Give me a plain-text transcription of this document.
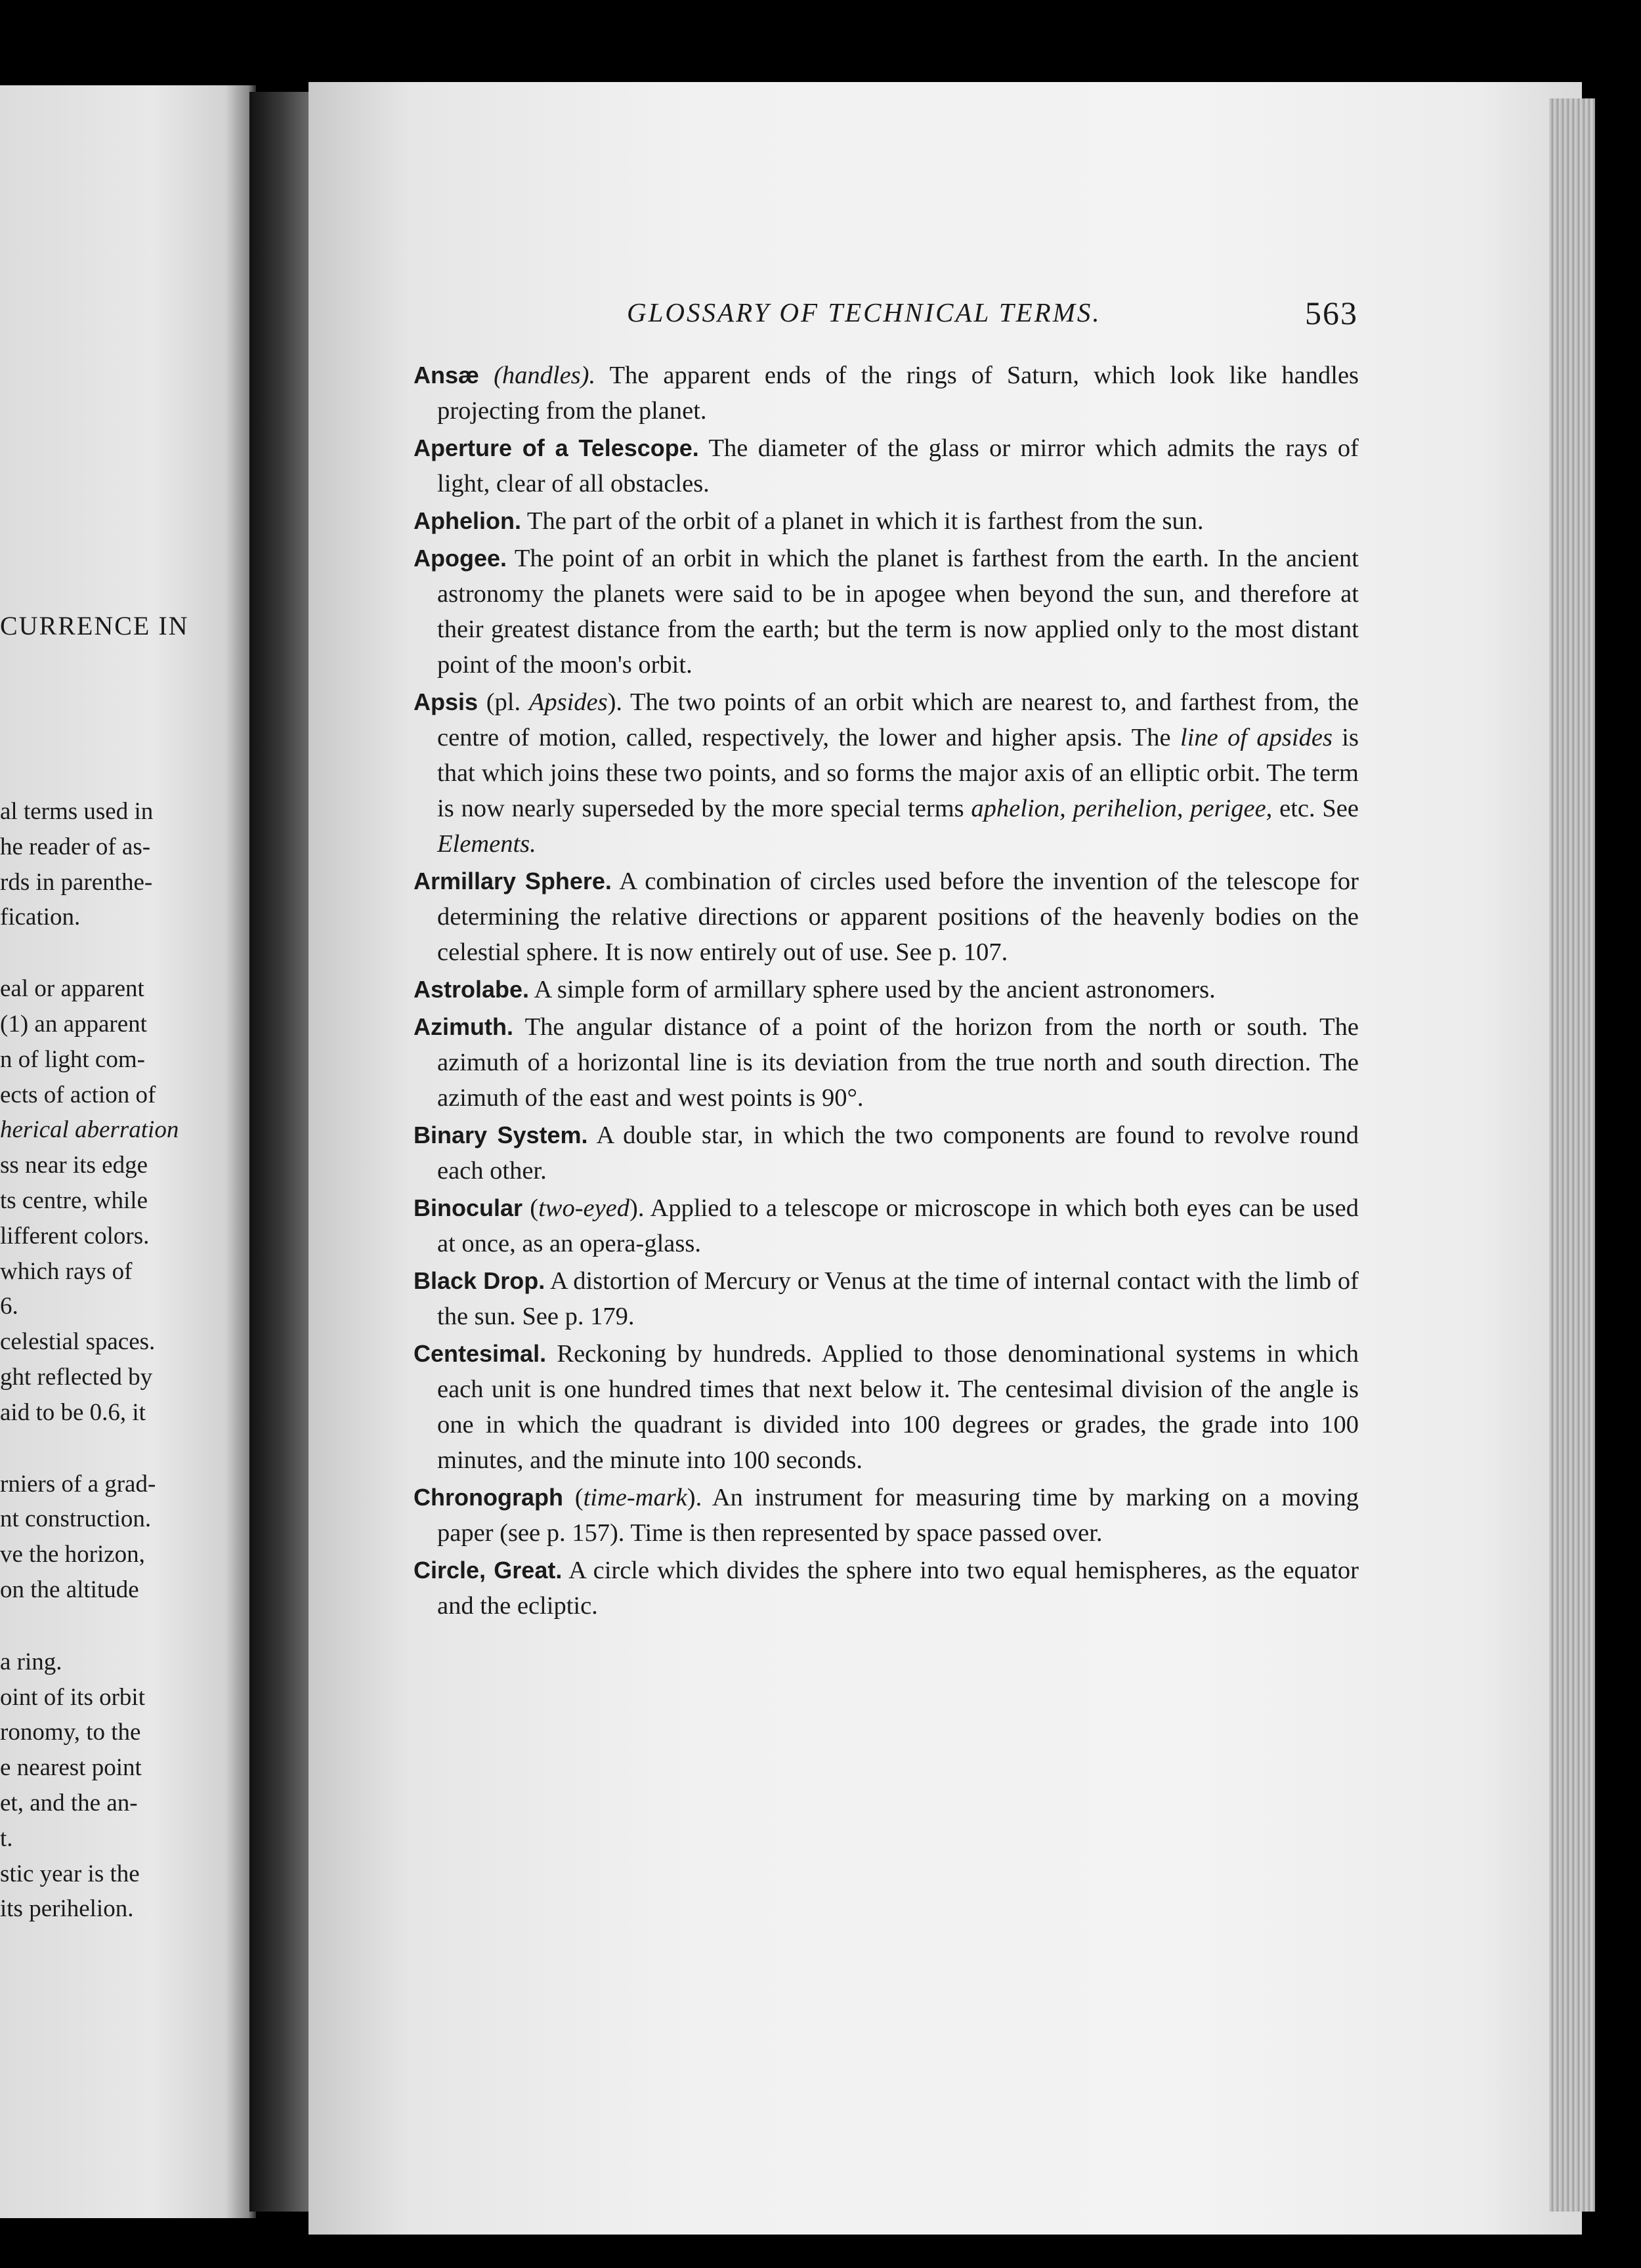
CURRENCE IN
al terms used in
he reader of as-
rds in parenthe-
fication.
eal or apparent
(1) an apparent
n of light com-
ects of action of
herical aberration
ss near its edge
ts centre, while
lifferent colors.
which rays of
6.
celestial spaces.
ght reflected by
aid to be 0.6, it
rniers of a grad-
nt construction.
ve the horizon,
on the altitude
a ring.
oint of its orbit
ronomy, to the
e nearest point
et, and the an-
t.
stic year is the
its perihelion.
GLOSSARY OF TECHNICAL TERMS.	563
Ansæ (handles). The apparent ends of the rings of Saturn, which look like handles projecting from the planet.
Aperture of a Telescope. The diameter of the glass or mirror which admits the rays of light, clear of all obstacles.
Aphelion. The part of the orbit of a planet in which it is farthest from the sun.
Apogee. The point of an orbit in which the planet is farthest from the earth. In the ancient astronomy the planets were said to be in apogee when beyond the sun, and therefore at their greatest distance from the earth; but the term is now applied only to the most distant point of the moon's orbit.
Apsis (pl. Apsides). The two points of an orbit which are nearest to, and farthest from, the centre of motion, called, respectively, the lower and higher apsis. The line of apsides is that which joins these two points, and so forms the major axis of an elliptic orbit. The term is now nearly superseded by the more special terms aphelion, perihelion, perigee, etc. See Elements.
Armillary Sphere. A combination of circles used before the invention of the telescope for determining the relative directions or apparent positions of the heavenly bodies on the celestial sphere. It is now entirely out of use. See p. 107.
Astrolabe. A simple form of armillary sphere used by the ancient astronomers.
Azimuth. The angular distance of a point of the horizon from the north or south. The azimuth of a horizontal line is its deviation from the true north and south direction. The azimuth of the east and west points is 90°.
Binary System. A double star, in which the two components are found to revolve round each other.
Binocular (two-eyed). Applied to a telescope or microscope in which both eyes can be used at once, as an opera-glass.
Black Drop. A distortion of Mercury or Venus at the time of internal contact with the limb of the sun. See p. 179.
Centesimal. Reckoning by hundreds. Applied to those denominational systems in which each unit is one hundred times that next below it. The centesimal division of the angle is one in which the quadrant is divided into 100 degrees or grades, the grade into 100 minutes, and the minute into 100 seconds.
Chronograph (time-mark). An instrument for measuring time by marking on a moving paper (see p. 157). Time is then represented by space passed over.
Circle, Great. A circle which divides the sphere into two equal hemispheres, as the equator and the ecliptic.
